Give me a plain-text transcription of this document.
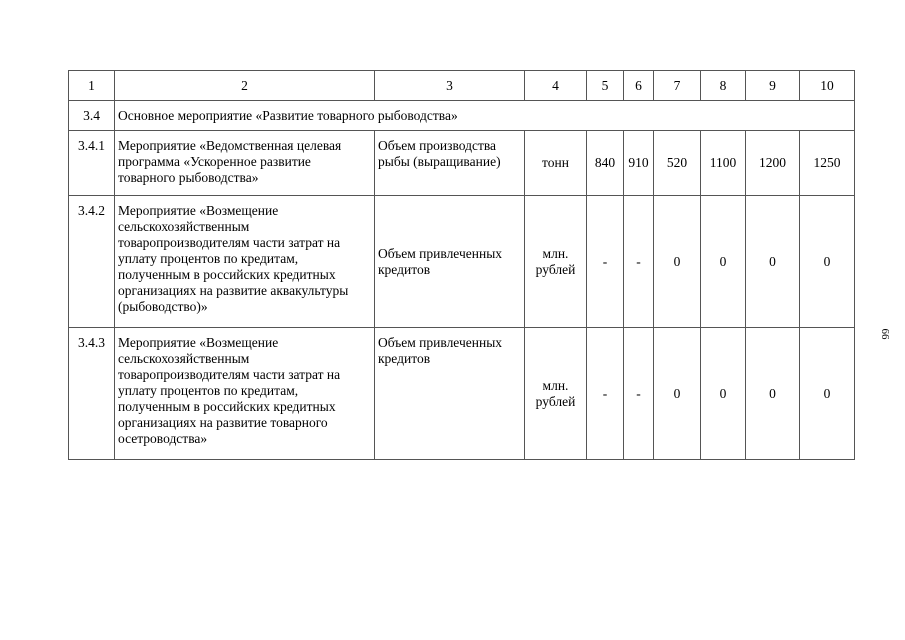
1	2	3	4	5	6	7	8	9	10
3.4	Основное мероприятие «Развитие товарного рыбоводства»								
3.4.1	Мероприятие «Ведомственная целевая программа «Ускоренное развитие товарного рыбоводства»	Объем производства рыбы (выращивание)	тонн	840	910	520	1100	1200	1250
3.4.2	Мероприятие «Возмещение сельскохозяйственным товаропроизводителям части затрат на уплату процентов по кредитам, полученным в российских кредитных организациях на развитие аквакультуры (рыбоводство)»	Объем привлеченных кредитов	млн. рублей	-	-	0	0	0	0
3.4.3	Мероприятие «Возмещение сельскохозяйственным товаропроизводителям части затрат на уплату процентов по кредитам, полученным в российских кредитных организациях на развитие товарного осетроводства»	Объем привлеченных кредитов	млн. рублей	-	-	0	0	0	0
66
